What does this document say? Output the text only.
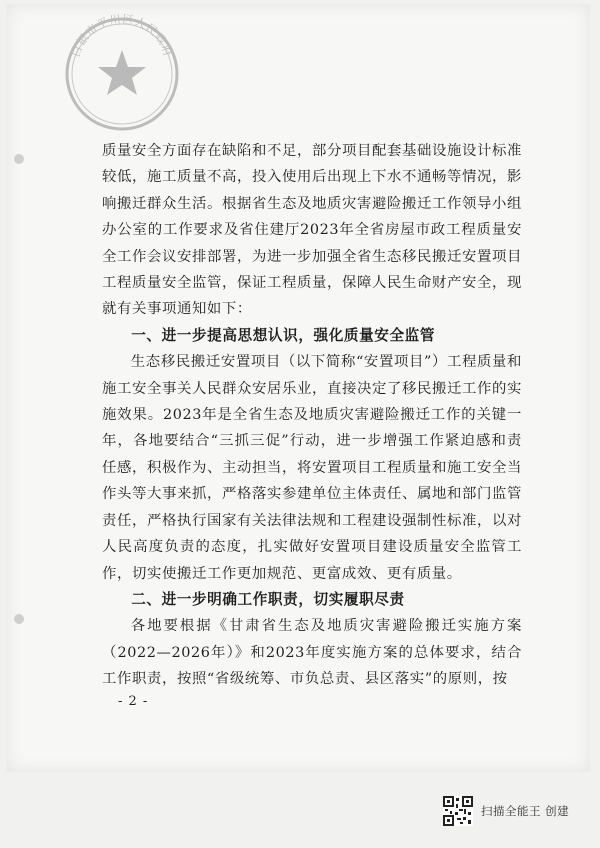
白银市平川区人民政府

质量安全方面存在缺陷和不足，部分项目配套基础设施设计标准较低，施工质量不高，投入使用后出现上下水不通畅等情况，影响搬迁群众生活。根据省生态及地质灾害避险搬迁工作领导小组办公室的工作要求及省住建厅2023年全省房屋市政工程质量安全工作会议安排部署，为进一步加强全省生态移民搬迁安置项目工程质量安全监管，保证工程质量，保障人民生命财产安全，现就有关事项通知如下：

一、进一步提高思想认识，强化质量安全监管

生态移民搬迁安置项目（以下简称“安置项目”）工程质量和施工安全事关人民群众安居乐业，直接决定了移民搬迁工作的实施效果。2023年是全省生态及地质灾害避险搬迁工作的关键一年，各地要结合“三抓三促”行动，进一步增强工作紧迫感和责任感，积极作为、主动担当，将安置项目工程质量和施工安全当作头等大事来抓，严格落实参建单位主体责任、属地和部门监管责任，严格执行国家有关法律法规和工程建设强制性标准，以对人民高度负责的态度，扎实做好安置项目建设质量安全监管工作，切实使搬迁工作更加规范、更富成效、更有质量。

二、进一步明确工作职责，切实履职尽责

各地要根据《甘肃省生态及地质灾害避险搬迁实施方案（2022—2026年）》和2023年度实施方案的总体要求，结合工作职责，按照“省级统筹、市负总责、县区落实”的原则，按

- 2 -
扫描全能王 创建
